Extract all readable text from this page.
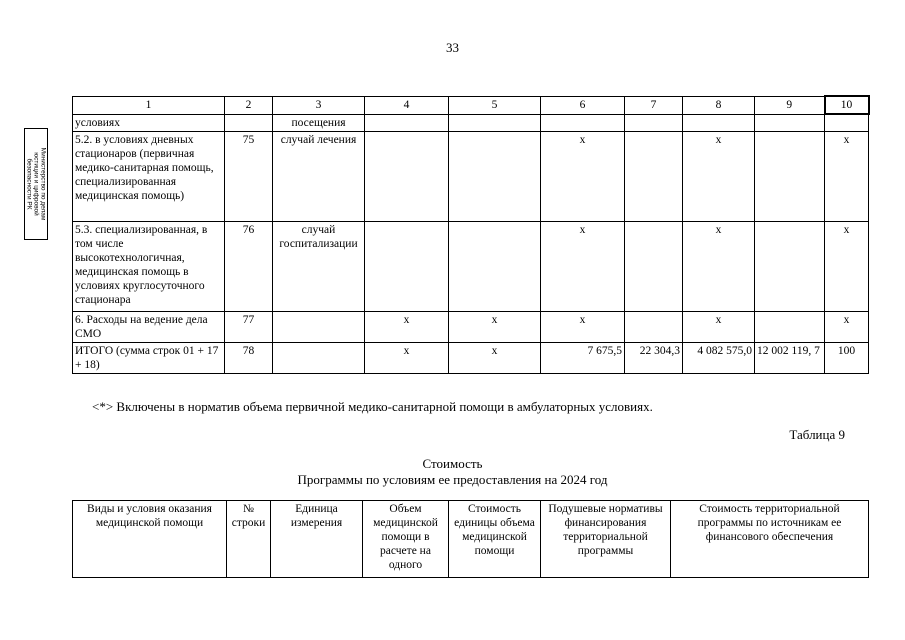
33
Министерство по делам
юстиции и цифровой
безопасности РК
1	2	3	4	5	6	7	8	9	10
условиях		посещения							
5.2. в условиях дневных стационаров (первичная медико-санитарная помощь, специализированная медицинская помощь)	75	случай лечения			х		х		х
5.3. специализированная, в том числе высокотехнологичная, медицинская помощь в условиях круглосуточного стационара	76	случай госпитализации			х		х		х
6. Расходы на ведение дела СМО	77		х	х	х		х		х
ИТОГО (сумма строк 01 + 17 + 18)	78		х	х	7 675,5	22 304,3	4 082 575,0	12 002 119, 7	100
<*> Включены в норматив объема первичной медико-санитарной помощи в амбулаторных условиях.
Таблица 9
Стоимость
Программы по условиям ее предоставления на 2024 год
Виды и условия оказания медицинской помощи	№ строки	Единица измерения	Объем медицинской помощи в расчете на одного	Стоимость единицы объема медицинской помощи	Подушевые нормативы финансирования территориальной программы	Стоимость территориальной программы по источникам ее финансового обеспечения
